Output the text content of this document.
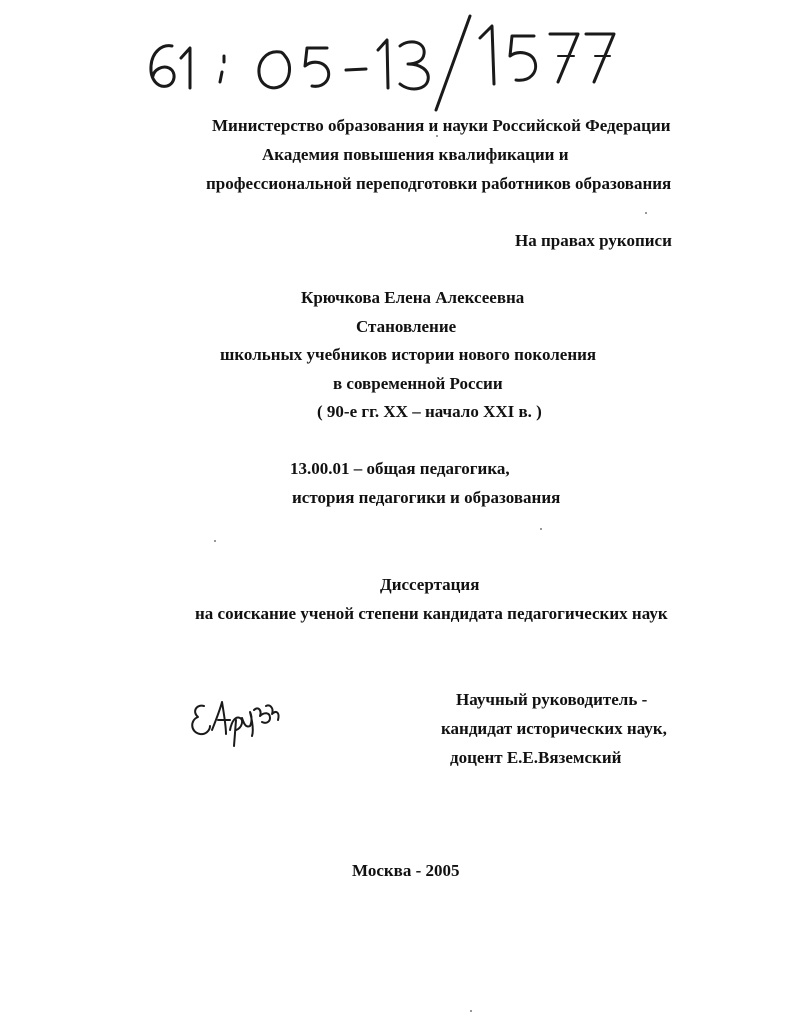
Министерство образования и науки Российской Федерации
Академия повышения квалификации и
профессиональной переподготовки работников образования
На правах рукописи
Крючкова Елена Алексеевна
Становление
школьных учебников истории нового поколения
в современной России
( 90-е гг. XX – начало XXI в. )
13.00.01 – общая педагогика,
история педагогики и образования
Диссертация
на соискание ученой степени кандидата педагогических наук
Научный руководитель -
кандидат исторических наук,
доцент Е.Е.Вяземский
Москва - 2005
